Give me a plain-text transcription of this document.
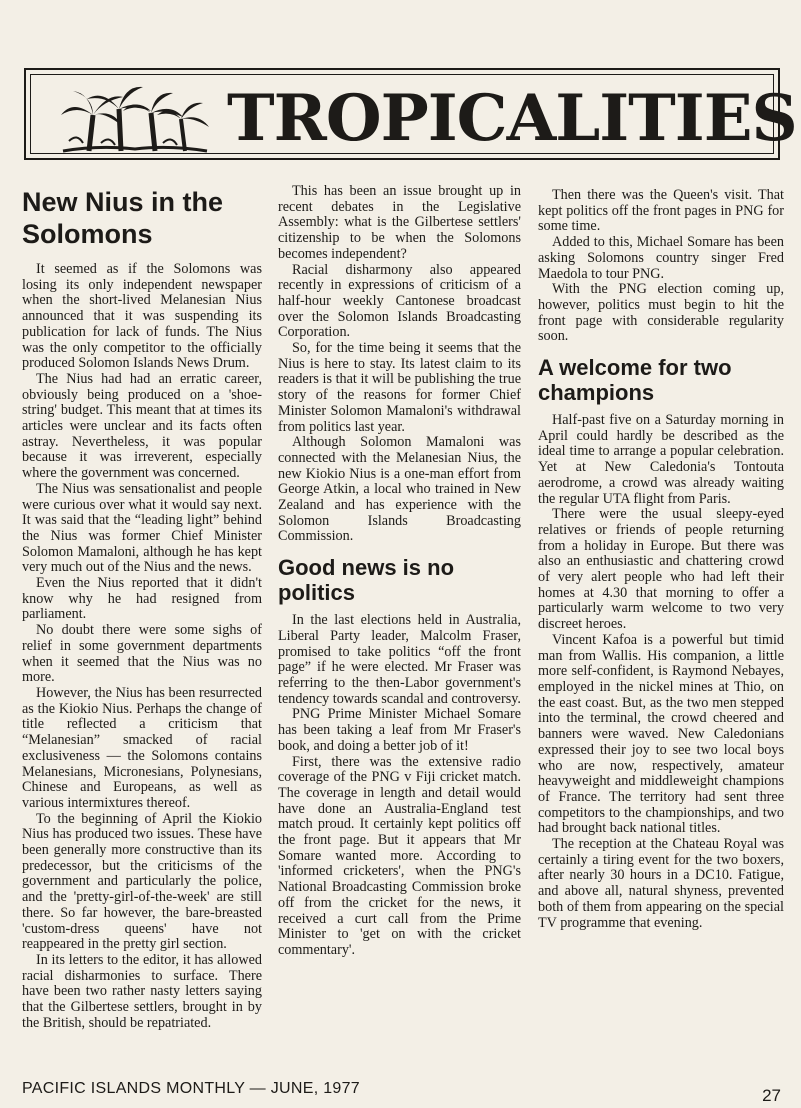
TROPICALITIES
New Nius in the Solomons

It seemed as if the Solomons was losing its only independent newspaper when the short-lived Melanesian Nius announced that it was suspending its publication for lack of funds. The Nius was the only competitor to the officially produced Solomon Islands News Drum.

The Nius had had an erratic career, obviously being produced on a 'shoe-string' budget. This meant that at times its articles were unclear and its facts often astray. Nevertheless, it was popular because it was irreverent, especially where the government was concerned.

The Nius was sensationalist and people were curious over what it would say next. It was said that the “leading light” behind the Nius was former Chief Minister Solomon Mamaloni, although he has kept very much out of the Nius and the news.

Even the Nius reported that it didn't know why he had resigned from parliament.

No doubt there were some sighs of relief in some government departments when it seemed that the Nius was no more.

However, the Nius has been resurrected as the Kiokio Nius. Perhaps the change of title reflected a criticism that “Melanesian” smacked of racial exclusiveness — the Solomons contains Melanesians, Micronesians, Polynesians, Chinese and Europeans, as well as various intermixtures thereof.

To the beginning of April the Kiokio Nius has produced two issues. These have been generally more constructive than its predecessor, but the criticisms of the government and particularly the police, and the 'pretty-girl-of-the-week' are still there. So far however, the bare-breasted 'custom-dress queens' have not reappeared in the pretty girl section.

In its letters to the editor, it has allowed racial disharmonies to surface. There have been two rather nasty letters saying that the Gilbertese settlers, brought in by the British, should be repatriated.

This has been an issue brought up in recent debates in the Legislative Assembly: what is the Gilbertese settlers' citizenship to be when the Solomons becomes independent?

Racial disharmony also appeared recently in expressions of criticism of a half-hour weekly Cantonese broadcast over the Solomon Islands Broadcasting Corporation.

So, for the time being it seems that the Nius is here to stay. Its latest claim to its readers is that it will be publishing the true story of the reasons for former Chief Minister Solomon Mamaloni's withdrawal from politics last year.

Although Solomon Mamaloni was connected with the Melanesian Nius, the new Kiokio Nius is a one-man effort from George Atkin, a local who trained in New Zealand and has experience with the Solomon Islands Broadcasting Commission.

Good news is no politics

In the last elections held in Australia, Liberal Party leader, Malcolm Fraser, promised to take politics “off the front page” if he were elected. Mr Fraser was referring to the then-Labor government's tendency towards scandal and controversy.

PNG Prime Minister Michael Somare has been taking a leaf from Mr Fraser's book, and doing a better job of it!

First, there was the extensive radio coverage of the PNG v Fiji cricket match. The coverage in length and detail would have done an Australia-England test match proud. It certainly kept politics off the front page. But it appears that Mr Somare wanted more. According to 'informed cricketers', when the PNG's National Broadcasting Commission broke off from the cricket for the news, it received a curt call from the Prime Minister to 'get on with the cricket commentary'.

Then there was the Queen's visit. That kept politics off the front pages in PNG for some time.

Added to this, Michael Somare has been asking Solomons country singer Fred Maedola to tour PNG.

With the PNG election coming up, however, politics must begin to hit the front page with considerable regularity soon.

A welcome for two champions

Half-past five on a Saturday morning in April could hardly be described as the ideal time to arrange a popular celebration. Yet at New Caledonia's Tontouta aerodrome, a crowd was already waiting the regular UTA flight from Paris.

There were the usual sleepy-eyed relatives or friends of people returning from a holiday in Europe. But there was also an enthusiastic and chattering crowd of very alert people who had left their homes at 4.30 that morning to offer a particularly warm welcome to two very discreet heroes.

Vincent Kafoa is a powerful but timid man from Wallis. His companion, a little more self-confident, is Raymond Nebayes, employed in the nickel mines at Thio, on the east coast. But, as the two men stepped into the terminal, the crowd cheered and banners were waved. New Caledonians expressed their joy to see two local boys who are now, respectively, amateur heavyweight and middleweight champions of France. The territory had sent three competitors to the championships, and two had brought back national titles.

The reception at the Chateau Royal was certainly a tiring event for the two boxers, after nearly 30 hours in a DC10. Fatigue, and above all, natural shyness, prevented both of them from appearing on the special TV programme that evening.

PACIFIC ISLANDS MONTHLY — JUNE, 1977	27
